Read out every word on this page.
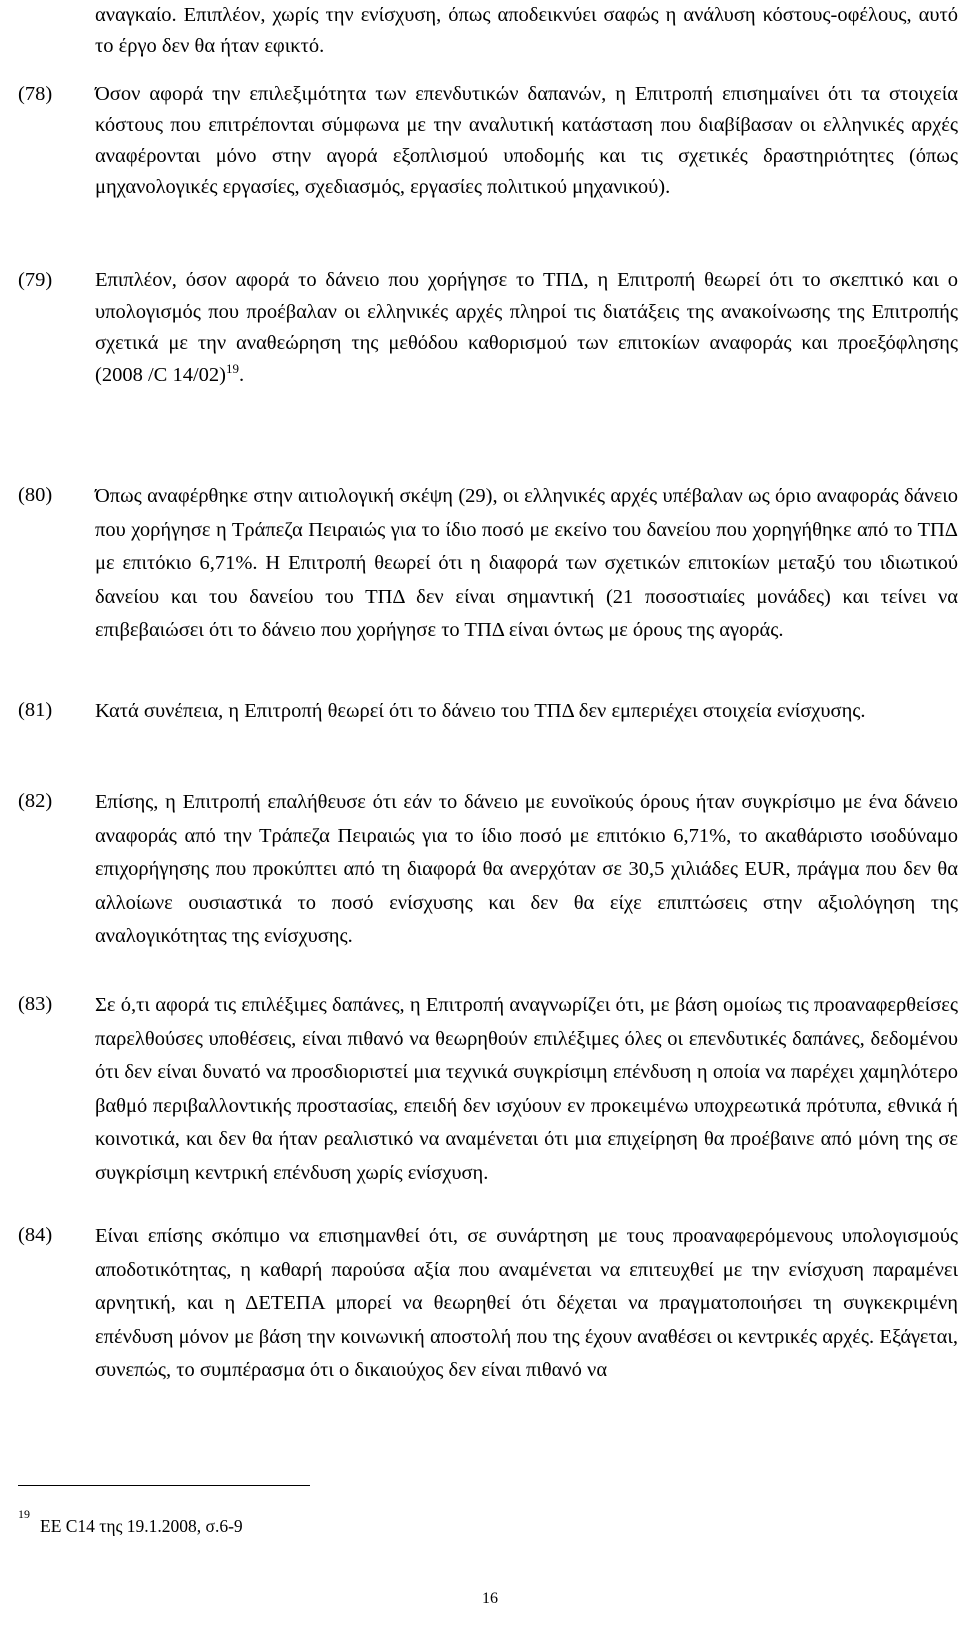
αναγκαίο. Επιπλέον, χωρίς την ενίσχυση, όπως αποδεικνύει σαφώς η ανάλυση κόστους-οφέλους, αυτό το έργο δεν θα ήταν εφικτό.
(78) Όσον αφορά την επιλεξιμότητα των επενδυτικών δαπανών, η Επιτροπή επισημαίνει ότι τα στοιχεία κόστους που επιτρέπονται σύμφωνα με την αναλυτική κατάσταση που διαβίβασαν οι ελληνικές αρχές αναφέρονται μόνο στην αγορά εξοπλισμού υποδομής και τις σχετικές δραστηριότητες (όπως μηχανολογικές εργασίες, σχεδιασμός, εργασίες πολιτικού μηχανικού).
(79) Επιπλέον, όσον αφορά το δάνειο που χορήγησε το ΤΠΔ, η Επιτροπή θεωρεί ότι το σκεπτικό και ο υπολογισμός που προέβαλαν οι ελληνικές αρχές πληροί τις διατάξεις της ανακοίνωσης της Επιτροπής σχετικά με την αναθεώρηση της μεθόδου καθορισμού των επιτοκίων αναφοράς και προεξόφλησης (2008 /C 14/02)$^{19}$.
(80) Όπως αναφέρθηκε στην αιτιολογική σκέψη (29), οι ελληνικές αρχές υπέβαλαν ως όριο αναφοράς δάνειο που χορήγησε η Τράπεζα Πειραιώς για το ίδιο ποσό με εκείνο του δανείου που χορηγήθηκε από το ΤΠΔ με επιτόκιο 6,71%. Η Επιτροπή θεωρεί ότι η διαφορά των σχετικών επιτοκίων μεταξύ του ιδιωτικού δανείου και του δανείου του ΤΠΔ δεν είναι σημαντική (21 ποσοστιαίες μονάδες) και τείνει να επιβεβαιώσει ότι το δάνειο που χορήγησε το ΤΠΔ είναι όντως με όρους της αγοράς.
(81) Κατά συνέπεια, η Επιτροπή θεωρεί ότι το δάνειο του ΤΠΔ δεν εμπεριέχει στοιχεία ενίσχυσης.
(82) Επίσης, η Επιτροπή επαλήθευσε ότι εάν το δάνειο με ευνοϊκούς όρους ήταν συγκρίσιμο με ένα δάνειο αναφοράς από την Τράπεζα Πειραιώς για το ίδιο ποσό με επιτόκιο 6,71%, το ακαθάριστο ισοδύναμο επιχορήγησης που προκύπτει από τη διαφορά θα ανερχόταν σε 30,5 χιλιάδες EUR, πράγμα που δεν θα αλλοίωνε ουσιαστικά το ποσό ενίσχυσης και δεν θα είχε επιπτώσεις στην αξιολόγηση της αναλογικότητας της ενίσχυσης.
(83) Σε ό,τι αφορά τις επιλέξιμες δαπάνες, η Επιτροπή αναγνωρίζει ότι, με βάση ομοίως τις προαναφερθείσες παρελθούσες υποθέσεις, είναι πιθανό να θεωρηθούν επιλέξιμες όλες οι επενδυτικές δαπάνες, δεδομένου ότι δεν είναι δυνατό να προσδιοριστεί μια τεχνικά συγκρίσιμη επένδυση η οποία να παρέχει χαμηλότερο βαθμό περιβαλλοντικής προστασίας, επειδή δεν ισχύουν εν προκειμένω υποχρεωτικά πρότυπα, εθνικά ή κοινοτικά, και δεν θα ήταν ρεαλιστικό να αναμένεται ότι μια επιχείρηση θα προέβαινε από μόνη της σε συγκρίσιμη κεντρική επένδυση χωρίς ενίσχυση.
(84) Είναι επίσης σκόπιμο να επισημανθεί ότι, σε συνάρτηση με τους προαναφερόμενους υπολογισμούς αποδοτικότητας, η καθαρή παρούσα αξία που αναμένεται να επιτευχθεί με την ενίσχυση παραμένει αρνητική, και η ΔΕΤΕΠΑ μπορεί να θεωρηθεί ότι δέχεται να πραγματοποιήσει τη συγκεκριμένη επένδυση μόνον με βάση την κοινωνική αποστολή που της έχουν αναθέσει οι κεντρικές αρχές. Εξάγεται, συνεπώς, το συμπέρασμα ότι ο δικαιούχος δεν είναι πιθανό να
19
ΕΕ C14 της 19.1.2008, σ.6-9
16
